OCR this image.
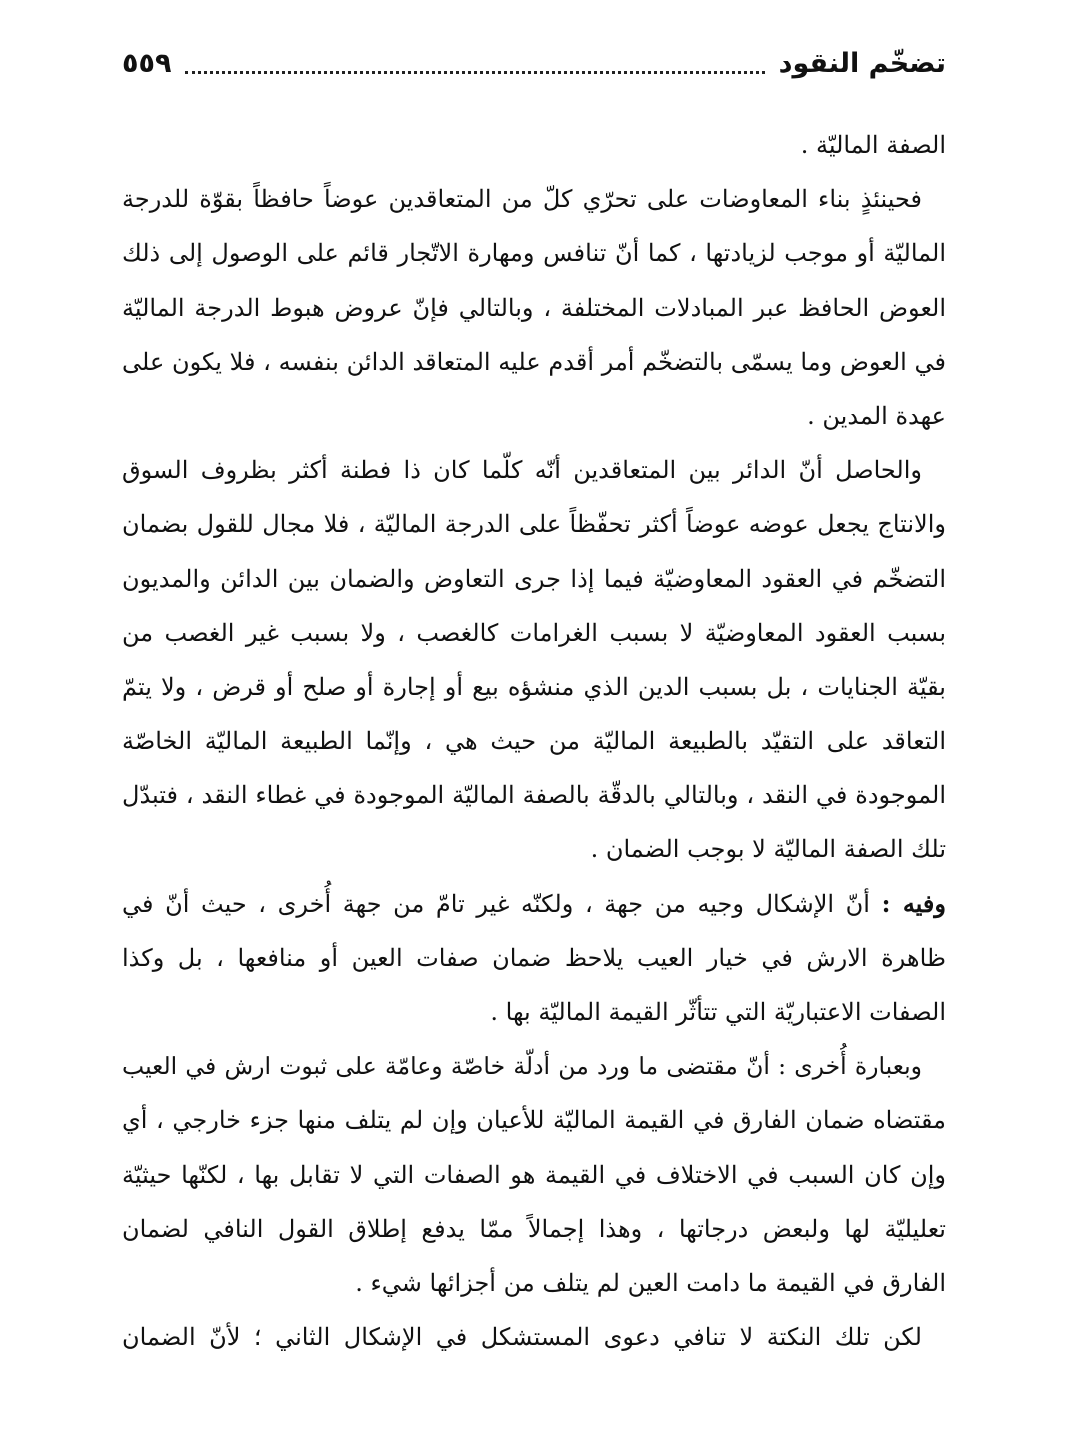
تضخّم النقود
٥٥٩
الصفة الماليّة .
فحينئذٍ بناء المعاوضات على تحرّي كلّ من المتعاقدين عوضاً حافظاً بقوّة للدرجة
الماليّة أو موجب لزيادتها ، كما أنّ تنافس ومهارة الاتّجار قائم على الوصول إلى ذلك
العوض الحافظ عبر المبادلات المختلفة ، وبالتالي فإنّ عروض هبوط الدرجة الماليّة
في العوض وما يسمّى بالتضخّم أمر أقدم عليه المتعاقد الدائن بنفسه ، فلا يكون على
عهدة المدين .
والحاصل أنّ الدائر بين المتعاقدين أنّه كلّما كان ذا فطنة أكثر بظروف السوق
والانتاج يجعل عوضه عوضاً أكثر تحفّظاً على الدرجة الماليّة ، فلا مجال للقول بضمان
التضخّم في العقود المعاوضيّة فيما إذا جرى التعاوض والضمان بين الدائن والمديون
بسبب العقود المعاوضيّة لا بسبب الغرامات كالغصب ، ولا بسبب غير الغصب من
بقيّة الجنايات ، بل بسبب الدين الذي منشؤه بيع أو إجارة أو صلح أو قرض ، ولا يتمّ
التعاقد على التقيّد بالطبيعة الماليّة من حيث هي ، وإنّما الطبيعة الماليّة الخاصّة
الموجودة في النقد ، وبالتالي بالدقّة بالصفة الماليّة الموجودة في غطاء النقد ، فتبدّل
تلك الصفة الماليّة لا بوجب الضمان .
وفيه : أنّ الإشكال وجيه من جهة ، ولكنّه غير تامّ من جهة أُخرى ، حيث أنّ في
ظاهرة الارش في خيار العيب يلاحظ ضمان صفات العين أو منافعها ، بل وكذا
الصفات الاعتباريّة التي تتأثّر القيمة الماليّة بها .
وبعبارة أُخرى : أنّ مقتضى ما ورد من أدلّة خاصّة وعامّة على ثبوت ارش في العيب
مقتضاه ضمان الفارق في القيمة الماليّة للأعيان وإن لم يتلف منها جزء خارجي ، أي
وإن كان السبب في الاختلاف في القيمة هو الصفات التي لا تقابل بها ، لكنّها حيثيّة
تعليليّة لها ولبعض درجاتها ، وهذا إجمالاً ممّا يدفع إطلاق القول النافي لضمان
الفارق في القيمة ما دامت العين لم يتلف من أجزائها شيء .
لكن تلك النكتة لا تنافي دعوى المستشكل في الإشكال الثاني ؛ لأنّ الضمان
